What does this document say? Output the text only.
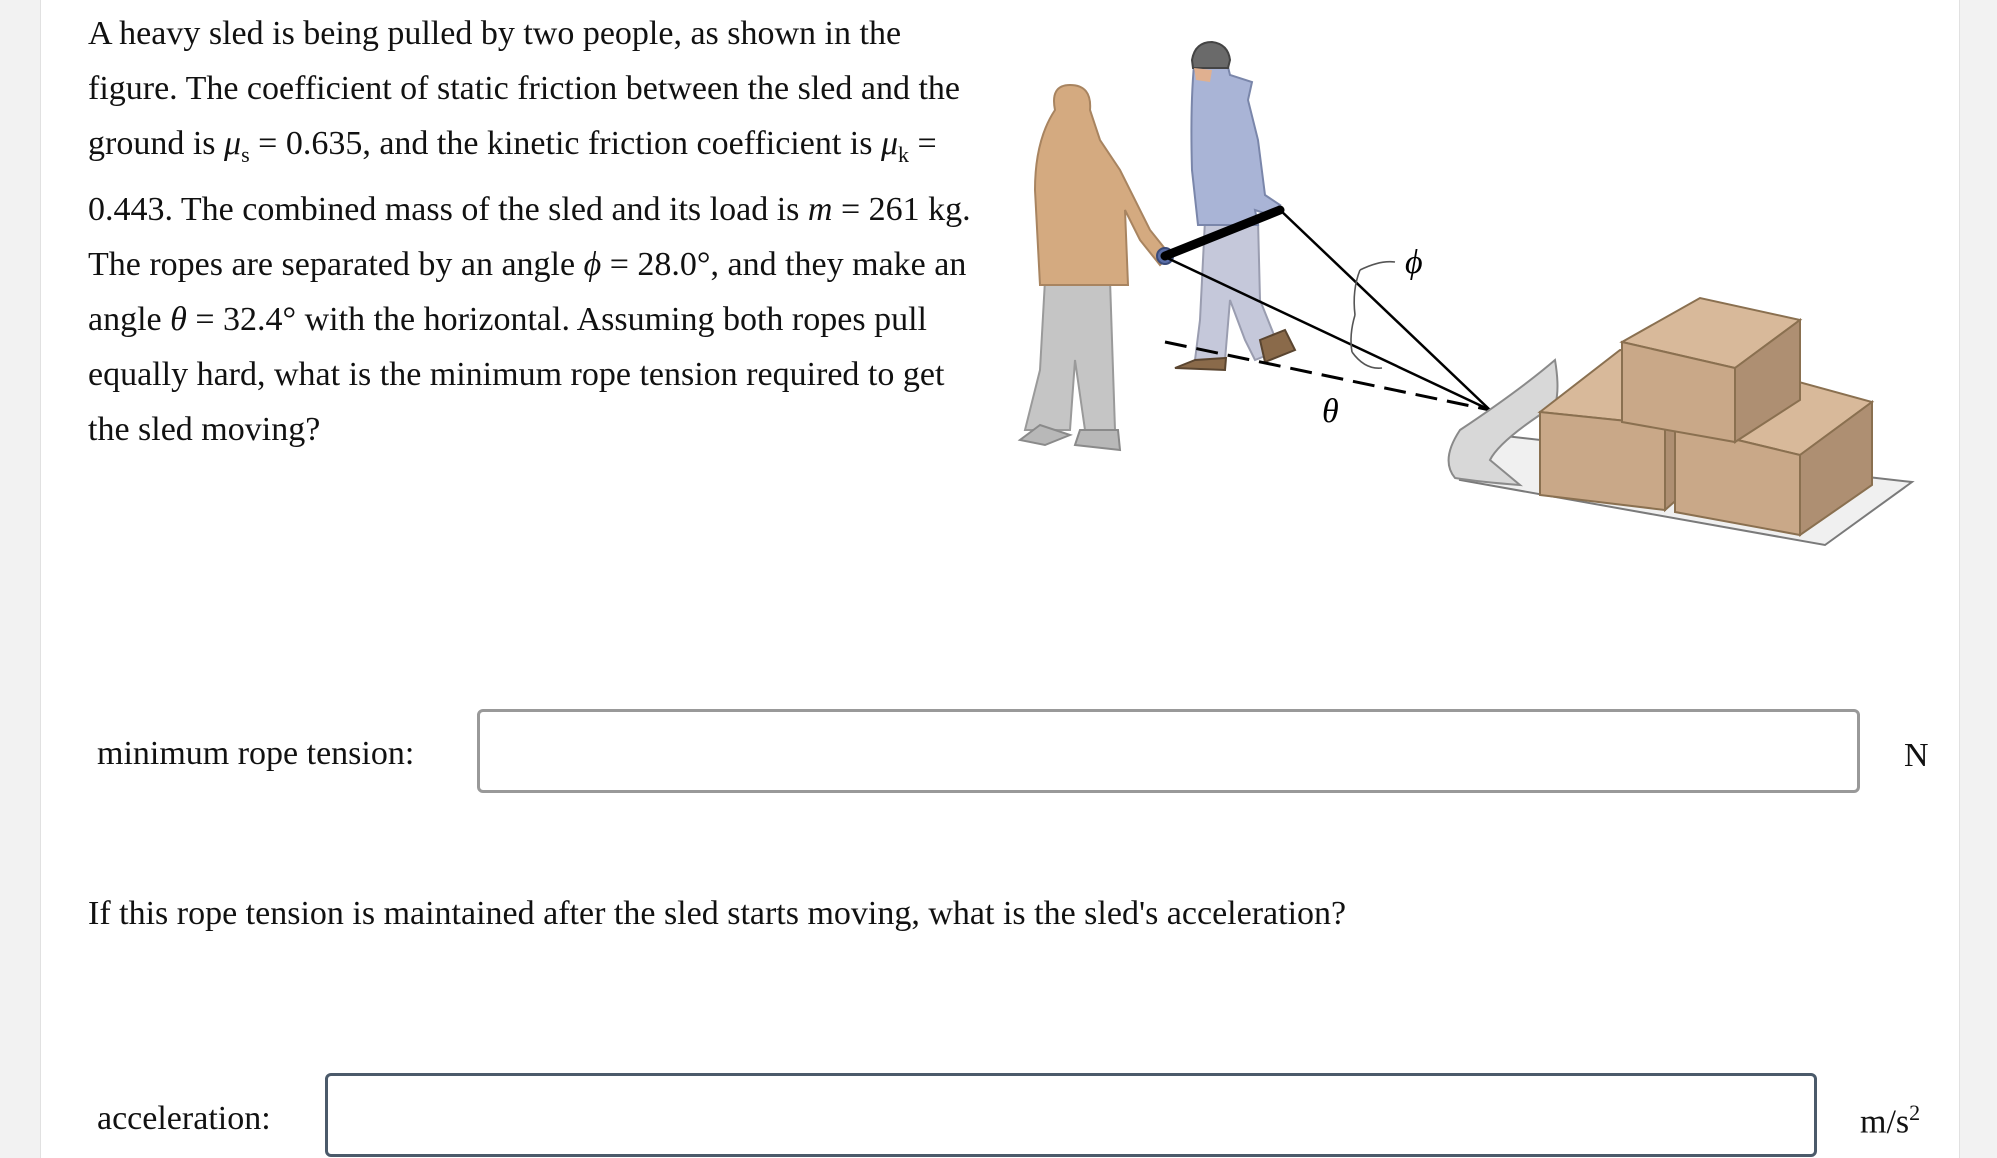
A heavy sled is being pulled by two people, as shown in the figure. The coefficient of static friction between the sled and the ground is $\mu_s = 0.635$, and the kinetic friction coefficient is $\mu_k = 0.443$. The combined mass of the sled and its load is m = 261 kg. The ropes are separated by an angle ϕ = 28.0°, and they make an angle θ = 32.4° with the horizontal. Assuming both ropes pull equally hard, what is the minimum rope tension required to get the sled moving?
ϕ
θ
minimum rope tension:	N
If this rope tension is maintained after the sled starts moving, what is the sled's acceleration?
acceleration:	$m/s^2$
